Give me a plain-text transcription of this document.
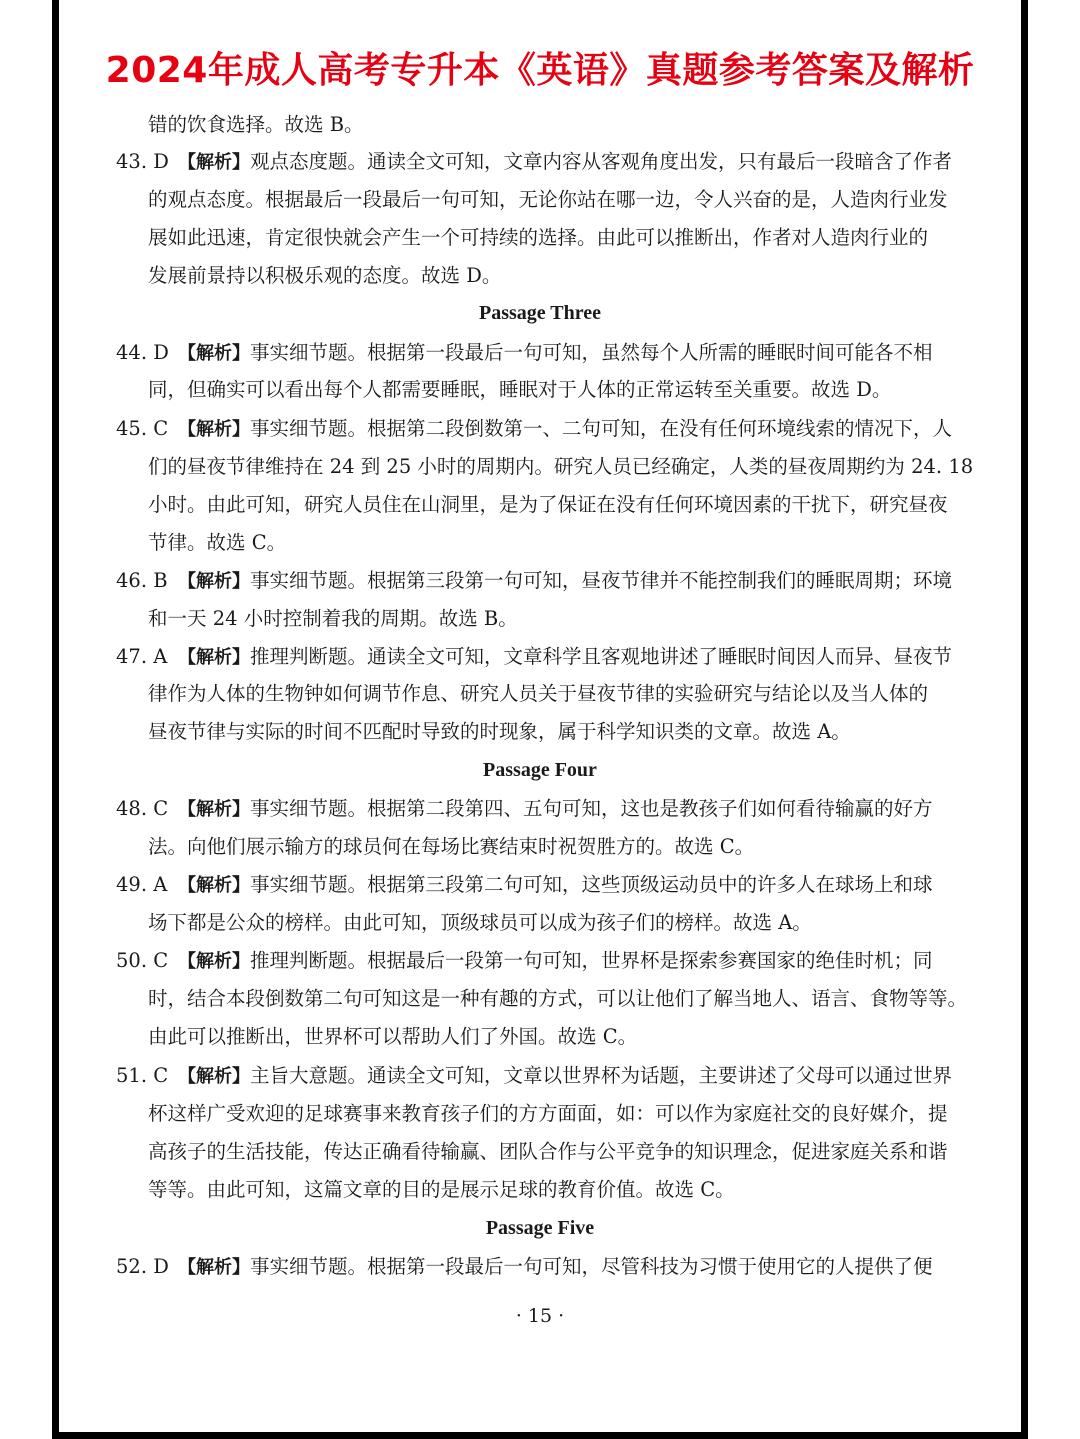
2024年成人高考专升本《英语》真题参考答案及解析
错的饮食选择。故选 B。
43. D 【解析】观点态度题。通读全文可知，文章内容从客观角度出发，只有最后一段暗含了作者
的观点态度。根据最后一段最后一句可知，无论你站在哪一边，令人兴奋的是，人造肉行业发
展如此迅速，肯定很快就会产生一个可持续的选择。由此可以推断出，作者对人造肉行业的
发展前景持以积极乐观的态度。故选 D。
Passage Three
44. D 【解析】事实细节题。根据第一段最后一句可知，虽然每个人所需的睡眠时间可能各不相
同，但确实可以看出每个人都需要睡眠，睡眠对于人体的正常运转至关重要。故选 D。
45. C 【解析】事实细节题。根据第二段倒数第一、二句可知，在没有任何环境线索的情况下，人
们的昼夜节律维持在 24 到 25 小时的周期内。研究人员已经确定，人类的昼夜周期约为 24. 18
小时。由此可知，研究人员住在山洞里，是为了保证在没有任何环境因素的干扰下，研究昼夜
节律。故选 C。
46. B 【解析】事实细节题。根据第三段第一句可知，昼夜节律并不能控制我们的睡眠周期；环境
和一天 24 小时控制着我的周期。故选 B。
47. A 【解析】推理判断题。通读全文可知，文章科学且客观地讲述了睡眠时间因人而异、昼夜节
律作为人体的生物钟如何调节作息、研究人员关于昼夜节律的实验研究与结论以及当人体的
昼夜节律与实际的时间不匹配时导致的时现象，属于科学知识类的文章。故选 A。
Passage Four
48. C 【解析】事实细节题。根据第二段第四、五句可知，这也是教孩子们如何看待输赢的好方
法。向他们展示输方的球员何在每场比赛结束时祝贺胜方的。故选 C。
49. A 【解析】事实细节题。根据第三段第二句可知，这些顶级运动员中的许多人在球场上和球
场下都是公众的榜样。由此可知，顶级球员可以成为孩子们的榜样。故选 A。
50. C 【解析】推理判断题。根据最后一段第一句可知，世界杯是探索参赛国家的绝佳时机；同
时，结合本段倒数第二句可知这是一种有趣的方式，可以让他们了解当地人、语言、食物等等。
由此可以推断出，世界杯可以帮助人们了外国。故选 C。
51. C 【解析】主旨大意题。通读全文可知，文章以世界杯为话题，主要讲述了父母可以通过世界
杯这样广受欢迎的足球赛事来教育孩子们的方方面面，如：可以作为家庭社交的良好媒介，提
高孩子的生活技能，传达正确看待输赢、团队合作与公平竞争的知识理念，促进家庭关系和谐
等等。由此可知，这篇文章的目的是展示足球的教育价值。故选 C。
Passage Five
52. D 【解析】事实细节题。根据第一段最后一句可知，尽管科技为习惯于使用它的人提供了便
· 15 ·
